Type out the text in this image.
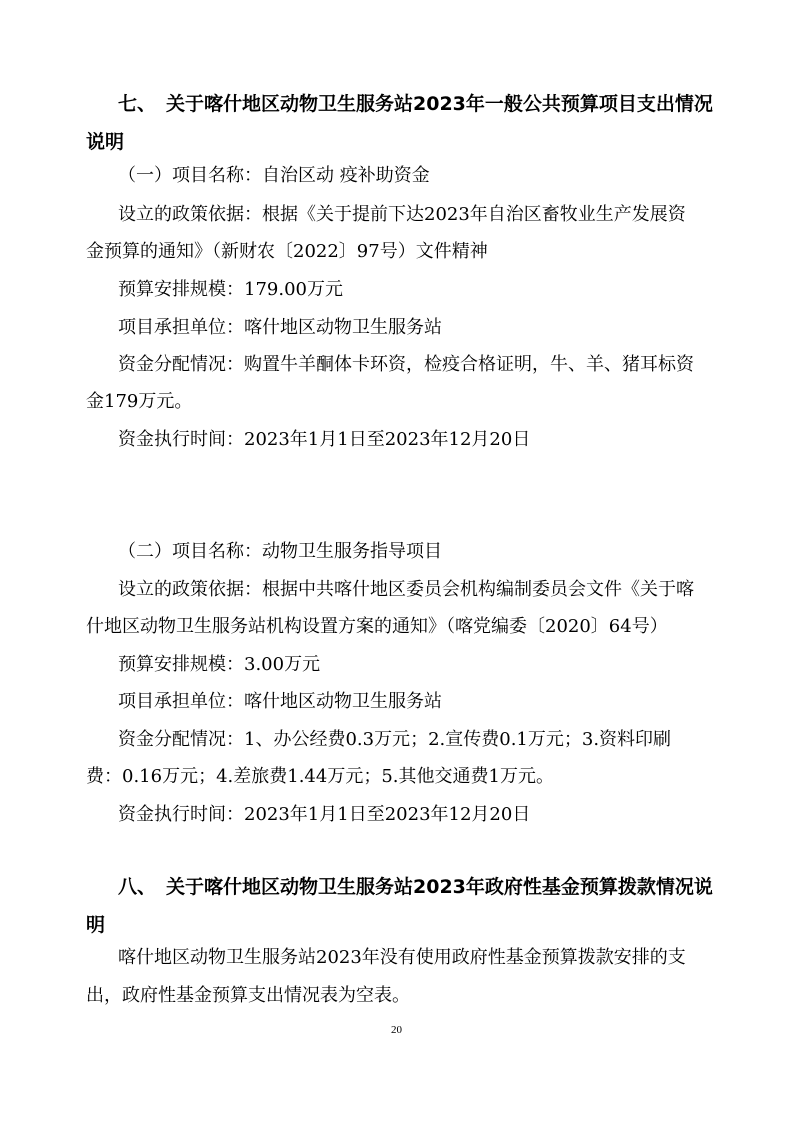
七、 关于喀什地区动物卫生服务站2023年一般公共预算项目支出情况
说明
（一）项目名称：自治区动 疫补助资金
设立的政策依据：根据《关于提前下达2023年自治区畜牧业生产发展资
金预算的通知》（新财农〔2022〕97号）文件精神
预算安排规模：179.00万元
项目承担单位：喀什地区动物卫生服务站
资金分配情况：购置牛羊酮体卡环资，检疫合格证明，牛、羊、猪耳标资
金179万元。
资金执行时间：2023年1月1日至2023年12月20日
（二）项目名称：动物卫生服务指导项目
设立的政策依据：根据中共喀什地区委员会机构编制委员会文件《关于喀
什地区动物卫生服务站机构设置方案的通知》（喀党编委〔2020〕64号）
预算安排规模：3.00万元
项目承担单位：喀什地区动物卫生服务站
资金分配情况：1、办公经费0.3万元；2.宣传费0.1万元；3.资料印刷
费：0.16万元；4.差旅费1.44万元；5.其他交通费1万元。
资金执行时间：2023年1月1日至2023年12月20日
八、 关于喀什地区动物卫生服务站2023年政府性基金预算拨款情况说
明
喀什地区动物卫生服务站2023年没有使用政府性基金预算拨款安排的支
出，政府性基金预算支出情况表为空表。
20
